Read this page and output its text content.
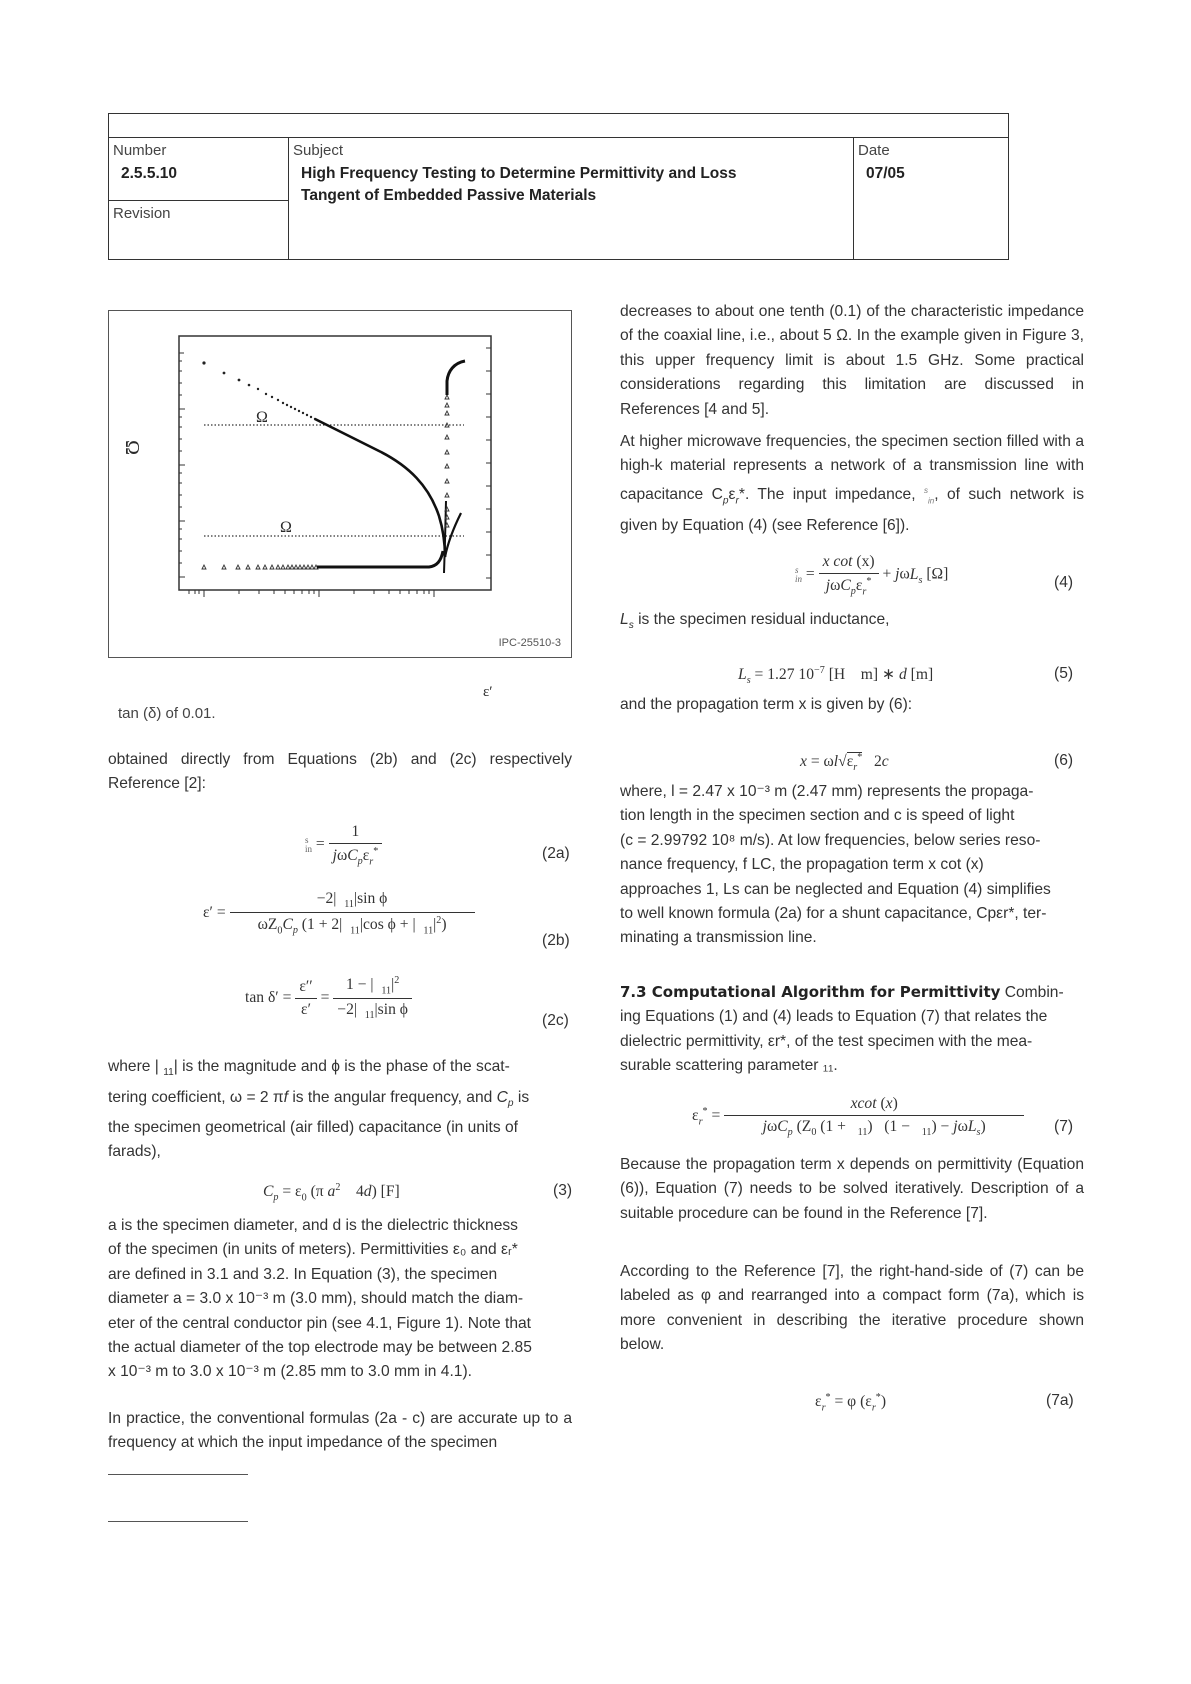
Number
2.5.5.10
Revision
Subject
High Frequency Testing to Determine Permittivity and Loss
Tangent of Embedded Passive Materials
Date
07/05
Ω
Ω
Ω
IPC-25510-3
ε′
tan (δ) of 0.01.
obtained directly from Equations (2b) and (2c) respectively Reference [2]:
s
in = $\frac{1}{j\omega C_p\varepsilon_r^*}$	(2a)
$\varepsilon' = \frac{-2| _{11}|\sin \phi}{\omega Z_0C_p (1 + 2| _{11}|\cos \phi + | _{11}|^2)}$
(2b)
$\tan \delta' = \frac{\varepsilon''}{\varepsilon'} = \frac{1 - | _{11}|^2}{-2| _{11}|\sin \phi}$	(2c)
where | $_{11}$| is the magnitude and ϕ is the phase of the scat-
tering coefficient, ω = 2 πf is the angular frequency, and $C_p$ is
the specimen geometrical (air filled) capacitance (in units of
farads),
$C_p = \varepsilon_0$ (π $a^2$    4d) [F]	(3)
a is the specimen diameter, and d is the dielectric thickness
of the specimen (in units of meters). Permittivities ε₀ and εᵣ*
are defined in 3.1 and 3.2. In Equation (3), the specimen
diameter a = 3.0 x 10⁻³ m (3.0 mm), should match the diam-
eter of the central conductor pin (see 4.1, Figure 1). Note that
the actual diameter of the top electrode may be between 2.85
x 10⁻³ m to 3.0 x 10⁻³ m (2.85 mm to 3.0 mm in 4.1).
In practice, the conventional formulas (2a - c) are accurate up to a frequency at which the input impedance of the specimen
decreases to about one tenth (0.1) of the characteristic impedance of the coaxial line, i.e., about 5 Ω. In the example given in Figure 3, this upper frequency limit is about 1.5 GHz. Some practical considerations regarding this limitation are discussed in References [4 and 5].
At higher microwave frequencies, the specimen section filled with a high-k material represents a network of a transmission line with capacitance $C_p\varepsilon_r*$. The input impedance, $^s_{in}$, of such network is given by Equation (4) (see Reference [6]).
s
in = $\frac{\text{x cot (x)}}{j\omega C_p\varepsilon_r^*} + j\omega L_s$ [Ω]	(4)
$L_s$ is the specimen residual inductance,
$L_s = 1.27$ $10^{-7}$ [H    m] ∗ d [m]	(5)
and the propagation term x is given by (6):
$x = \omega l√\varepsilon_r^*$   2c	(6)
where, l = 2.47 x 10⁻³ m (2.47 mm) represents the propaga-
tion length in the specimen section and c is speed of light
(c = 2.99792 10⁸ m/s). At low frequencies, below series reso-
nance frequency, f LC, the propagation term x cot (x)
approaches 1, Ls can be neglected and Equation (4) simplifies
to well known formula (2a) for a shunt capacitance, Cpεr*, ter-
minating a transmission line.
7.3 Computational Algorithm for Permittivity Combin-
ing Equations (1) and (4) leads to Equation (7) that relates the
dielectric permittivity, εr*, of the test specimen with the mea-
surable scattering parameter ₁₁.
$\varepsilon_r^* = \frac{xcot (x)}{j\omega C_p (Z_0 (1 + _{11}) (1 - _{11}) - j\omega L_s)} (7)$
Because the propagation term x depends on permittivity (Equation (6)), Equation (7) needs to be solved iteratively. Description of a suitable procedure can be found in the Reference [7].
According to the Reference [7], the right-hand-side of (7) can be labeled as φ and rearranged into a compact form (7a), which is more convenient in describing the iterative procedure shown below.
$\varepsilon_r^* = \varphi$ $(\varepsilon_r^*)$	(7a)
